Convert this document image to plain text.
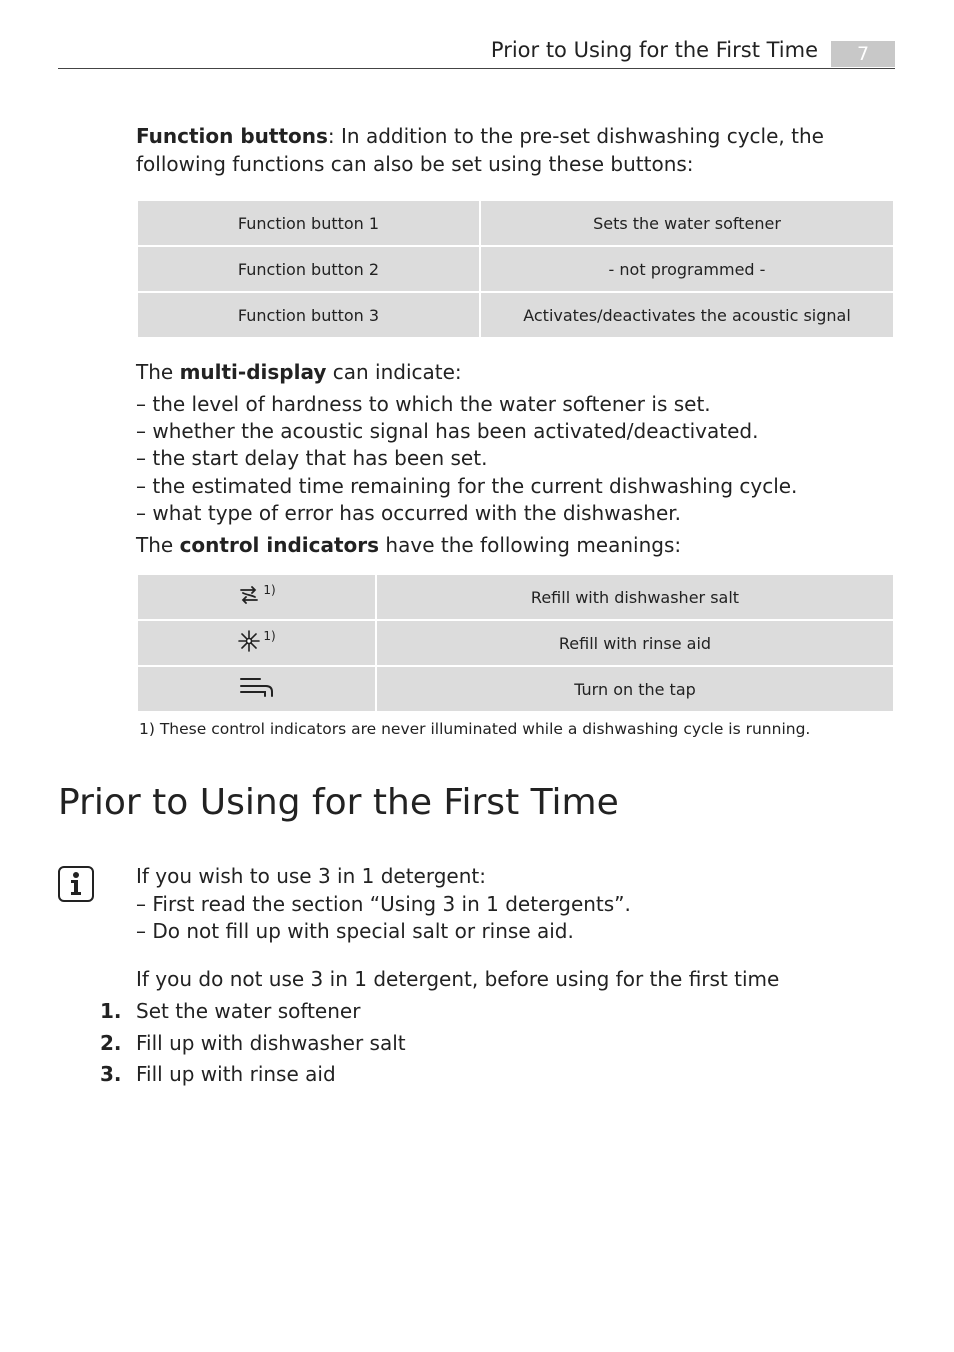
Prior to Using for the First Time	7
Function buttons: In addition to the pre-set dishwashing cycle, the following functions can also be set using these buttons:
Function button 1	Sets the water softener
Function button 2	- not programmed -
Function button 3	Activates/deactivates the acoustic signal
The multi-display can indicate:
– the level of hardness to which the water softener is set.
– whether the acoustic signal has been activated/deactivated.
– the start delay that has been set.
– the estimated time remaining for the current dishwashing cycle.
– what type of error has occurred with the dishwasher.
The control indicators have the following meanings:
$^{1)}$	Refill with dishwasher salt
$^{1)}$	Refill with rinse aid
	Turn on the tap
1) These control indicators are never illuminated while a dishwashing cycle is running.
Prior to Using for the First Time
If you wish to use 3 in 1 detergent:
– First read the section “Using 3 in 1 detergents”.
– Do not fill up with special salt or rinse aid.
If you do not use 3 in 1 detergent, before using for the first time
1. Set the water softener
2. Fill up with dishwasher salt
3. Fill up with rinse aid
